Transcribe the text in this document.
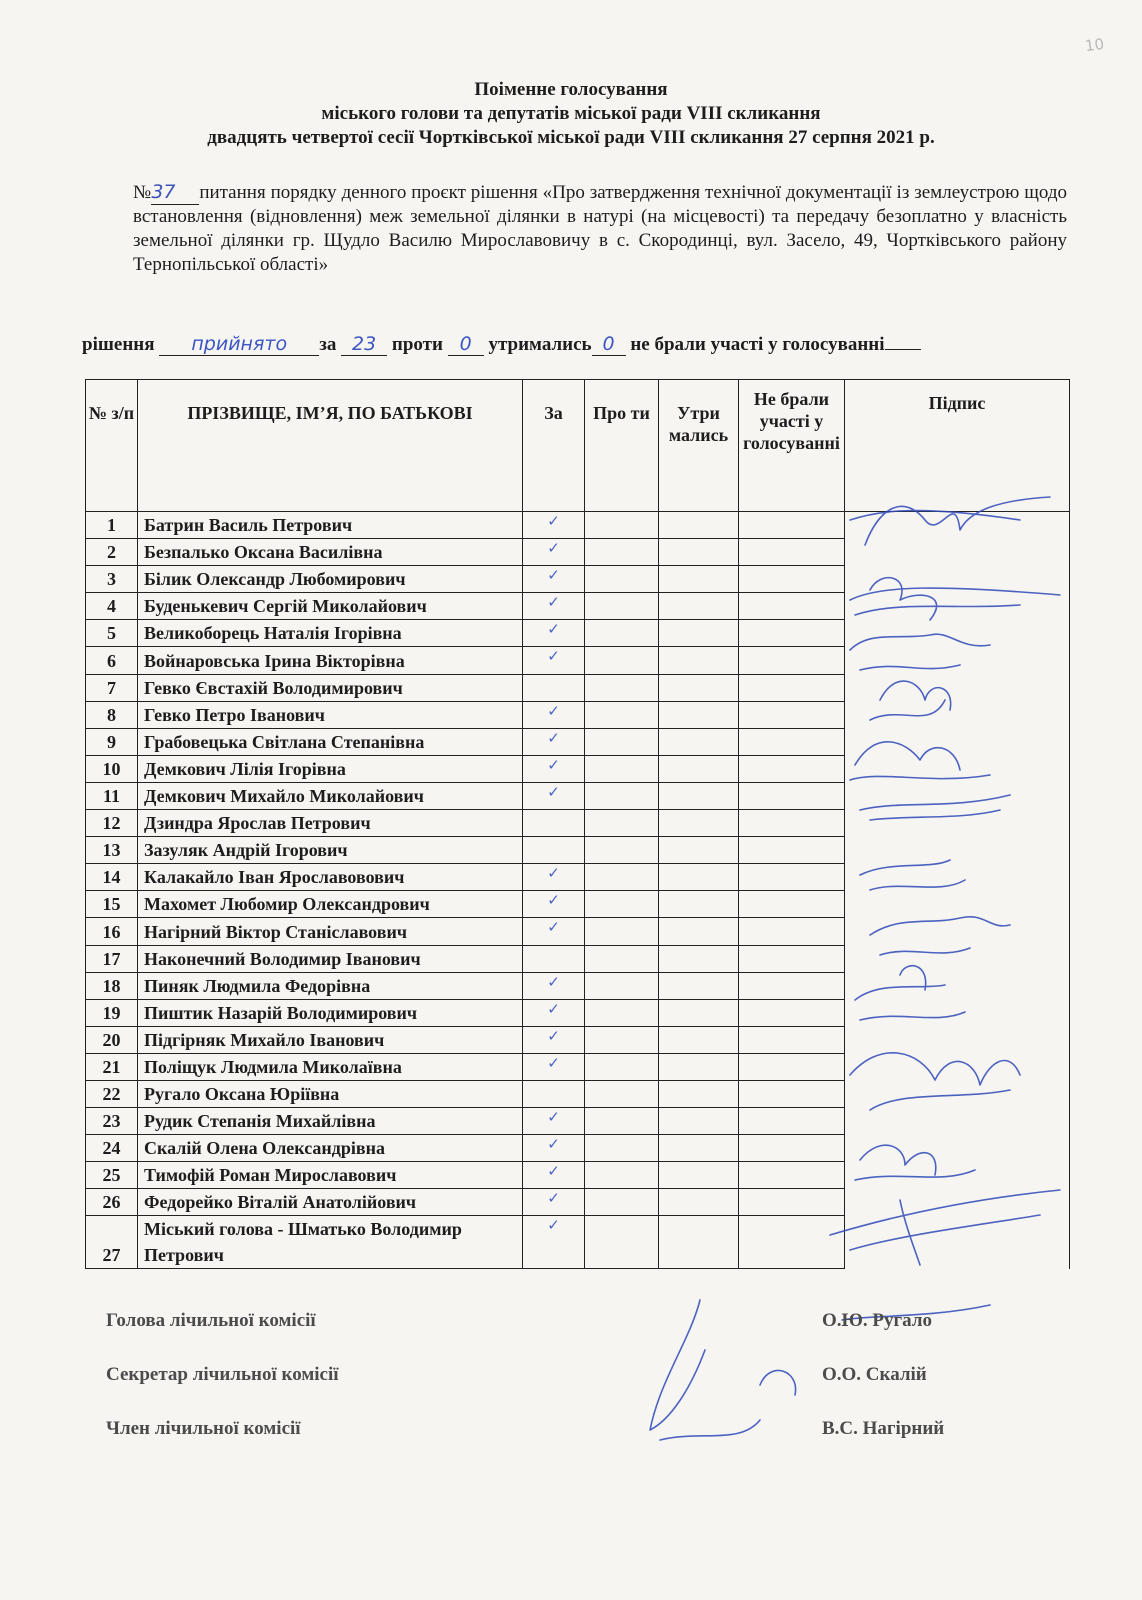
10
Поіменне голосування
міського голови та депутатів міської ради VIII скликання
двадцять четвертої сесії Чортківської міської ради VIII скликання 27 серпня 2021 р.
№37 питання порядку денного проєкт рішення «Про затвердження технічної документації із землеустрою щодо встановлення (відновлення) меж земельної ділянки в натурі (на місцевості) та передачу безоплатно у власність земельної ділянки гр. Щудло Василю Мирославовичу в с. Скородинці, вул. Засело, 49, Чортківського району Тернопільської області»
рішення прийнято за 23 проти 0 утримались 0 не брали участі у голосуванні
№ з/п	ПРІЗВИЩЕ, ІМ’Я, ПО БАТЬКОВІ	За	Про ти	Утри мались	Не брали участі у голосуванні	Підпис
1	Батрин Василь Петрович	✓				
2	Безпалько Оксана Василівна	✓				
3	Білик Олександр Любомирович	✓				
4	Буденькевич Сергій Миколайович	✓				
5	Великоборець Наталія Ігорівна	✓				
6	Войнаровська Ірина Вікторівна	✓				
7	Гевко Євстахій Володимирович					
8	Гевко Петро Іванович	✓				
9	Грабовецька Світлана Степанівна	✓				
10	Демкович Лілія Ігорівна	✓				
11	Демкович Михайло Миколайович	✓				
12	Дзиндра Ярослав Петрович					
13	Зазуляк Андрій Ігорович					
14	Калакайло Іван Ярославовович	✓				
15	Махомет Любомир Олександрович	✓				
16	Нагірний Віктор Станіславович	✓				
17	Наконечний Володимир Іванович					
18	Пиняк Людмила Федорівна	✓				
19	Пиштик Назарій Володимирович	✓				
20	Підгірняк Михайло Іванович	✓				
21	Поліщук Людмила Миколаївна	✓				
22	Ругало Оксана Юріївна					
23	Рудик Степанія Михайлівна	✓				
24	Скалій Олена Олександрівна	✓				
25	Тимофій Роман Мирославович	✓				
26	Федорейко Віталій Анатолійович	✓				
27	Міський голова - Шматько Володимир Петрович	✓				
Голова лічильної комісії	О.Ю. Ругало
Секретар лічильної комісії	О.О. Скалій
Член лічильної комісії	В.С. Нагірний
